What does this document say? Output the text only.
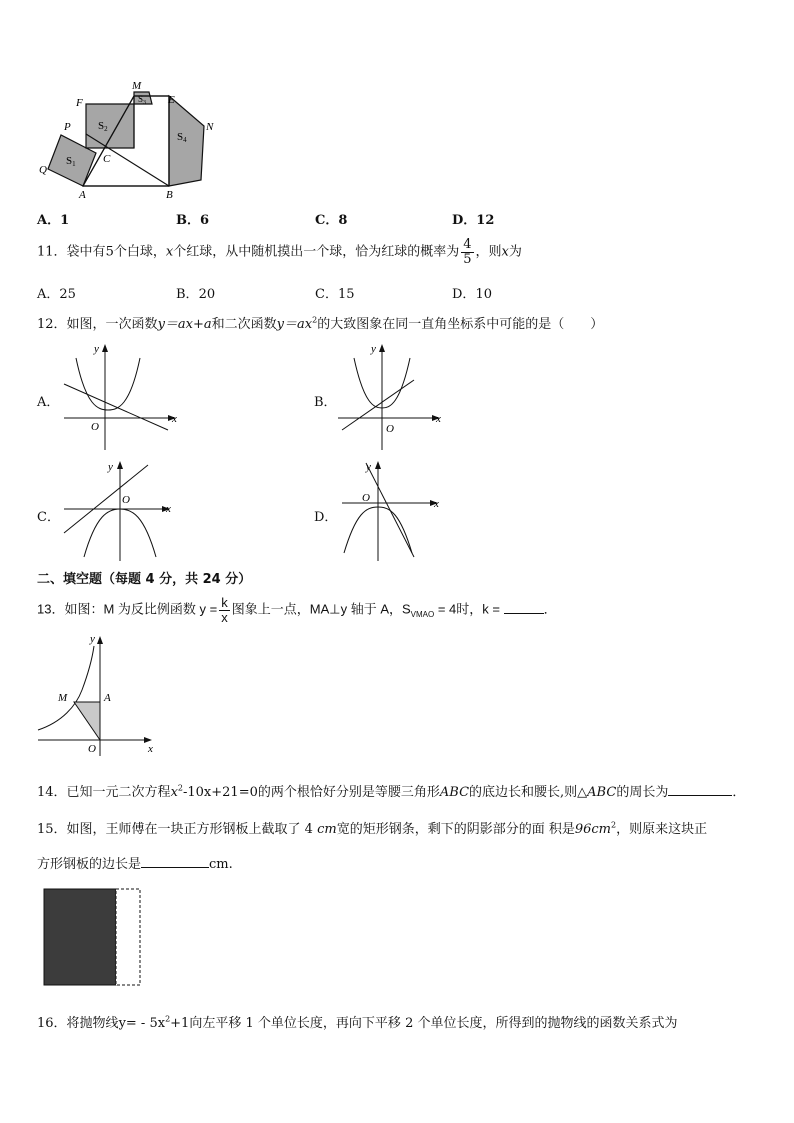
M
E
F
P
Q
C
A	B
N
S1
S2
$S_3$
S4
A．1	B．6	C．8	D．12
11．袋中有5个白球，x个红球，从中随机摸出一个球，恰为红球的概率为 $\frac{4}{5}$ ，则x为
A．25	B．20	C．15	D．10
12．如图，一次函数y＝ax+a和二次函数$y=ax^2$的大致图象在同一直角坐标系中可能的是（　　）
A．
x
y
O
B．
x
y
O
C．
x
y
O
D．
x
y
O
二、填空题（每题 4 分，共 24 分）
13．如图：M 为反比例函数 $y = \frac{k}{x}$ 图象上一点，MA⊥y 轴于 A，$S_{VMAO} = 4$时，k =	．
y
M	A
O	x
14．已知一元二次方程$x^2-10x+21=0$的两个根恰好分别是等腰三角形ABC的底边长和腰长,则△ABC的周长为	．
15．如图，王师傅在一块正方形钢板上截取了 4 cm宽的矩形钢条，剩下的阴影部分的面 积是$96cm^2$，则原来这块正
方形钢板的边长是	cm.
16．将抛物线$y= - 5x^2+1$向左平移 1 个单位长度，再向下平移 2 个单位长度，所得到的抛物线的函数关系式为
